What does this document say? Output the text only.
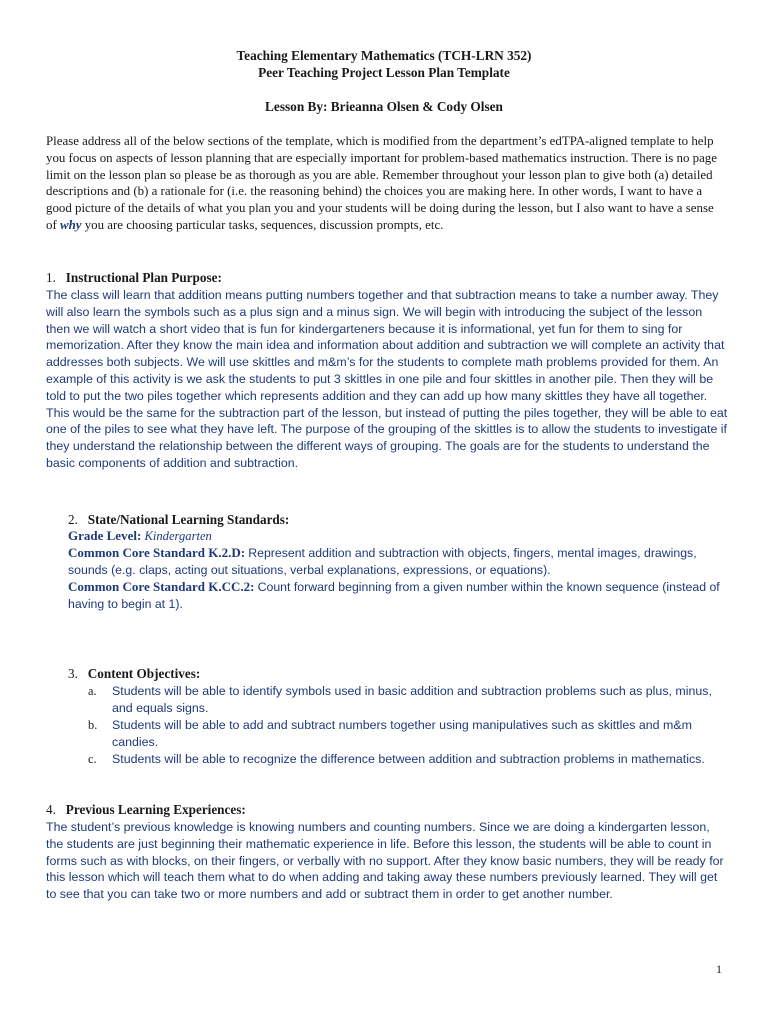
Teaching Elementary Mathematics (TCH-LRN 352)
Peer Teaching Project Lesson Plan Template
Lesson By: Brieanna Olsen & Cody Olsen

Please address all of the below sections of the template, which is modified from the department’s edTPA-aligned template to help you focus on aspects of lesson planning that are especially important for problem-based mathematics instruction. There is no page limit on the lesson plan so please be as thorough as you are able. Remember throughout your lesson plan to give both (a) detailed descriptions and (b) a rationale for (i.e. the reasoning behind) the choices you are making here. In other words, I want to have a good picture of the details of what you plan you and your students will be doing during the lesson, but I also want to have a sense of why you are choosing particular tasks, sequences, discussion prompts, etc.

1. Instructional Plan Purpose:

The class will learn that addition means putting numbers together and that subtraction means to take a number away. They will also learn the symbols such as a plus sign and a minus sign. We will begin with introducing the subject of the lesson then we will watch a short video that is fun for kindergarteners because it is informational, yet fun for them to sing for memorization. After they know the main idea and information about addition and subtraction we will complete an activity that addresses both subjects. We will use skittles and m&m’s for the students to complete math problems provided for them. An example of this activity is we ask the students to put 3 skittles in one pile and four skittles in another pile. Then they will be told to put the two piles together which represents addition and they can add up how many skittles they have all together. This would be the same for the subtraction part of the lesson, but instead of putting the piles together, they will be able to eat one of the piles to see what they have left. The purpose of the grouping of the skittles is to allow the students to investigate if they understand the relationship between the different ways of grouping. The goals are for the students to understand the basic components of addition and subtraction.

2. State/National Learning Standards:
Grade Level: Kindergarten
Common Core Standard K.2.D: Represent addition and subtraction with objects, fingers, mental images, drawings, sounds (e.g. claps, acting out situations, verbal explanations, expressions, or equations).
Common Core Standard K.CC.2: Count forward beginning from a given number within the known sequence (instead of having to begin at 1).
3. Content Objectives:
a. Students will be able to identify symbols used in basic addition and subtraction problems such as plus, minus, and equals signs.
b. Students will be able to add and subtract numbers together using manipulatives such as skittles and m&m candies.
c. Students will be able to recognize the difference between addition and subtraction problems in mathematics.
4. Previous Learning Experiences:

The student’s previous knowledge is knowing numbers and counting numbers. Since we are doing a kindergarten lesson, the students are just beginning their mathematic experience in life. Before this lesson, the students will be able to count in forms such as with blocks, on their fingers, or verbally with no support. After they know basic numbers, they will be ready for this lesson which will teach them what to do when adding and taking away these numbers previously learned. They will get to see that you can take two or more numbers and add or subtract them in order to get another number.

1
